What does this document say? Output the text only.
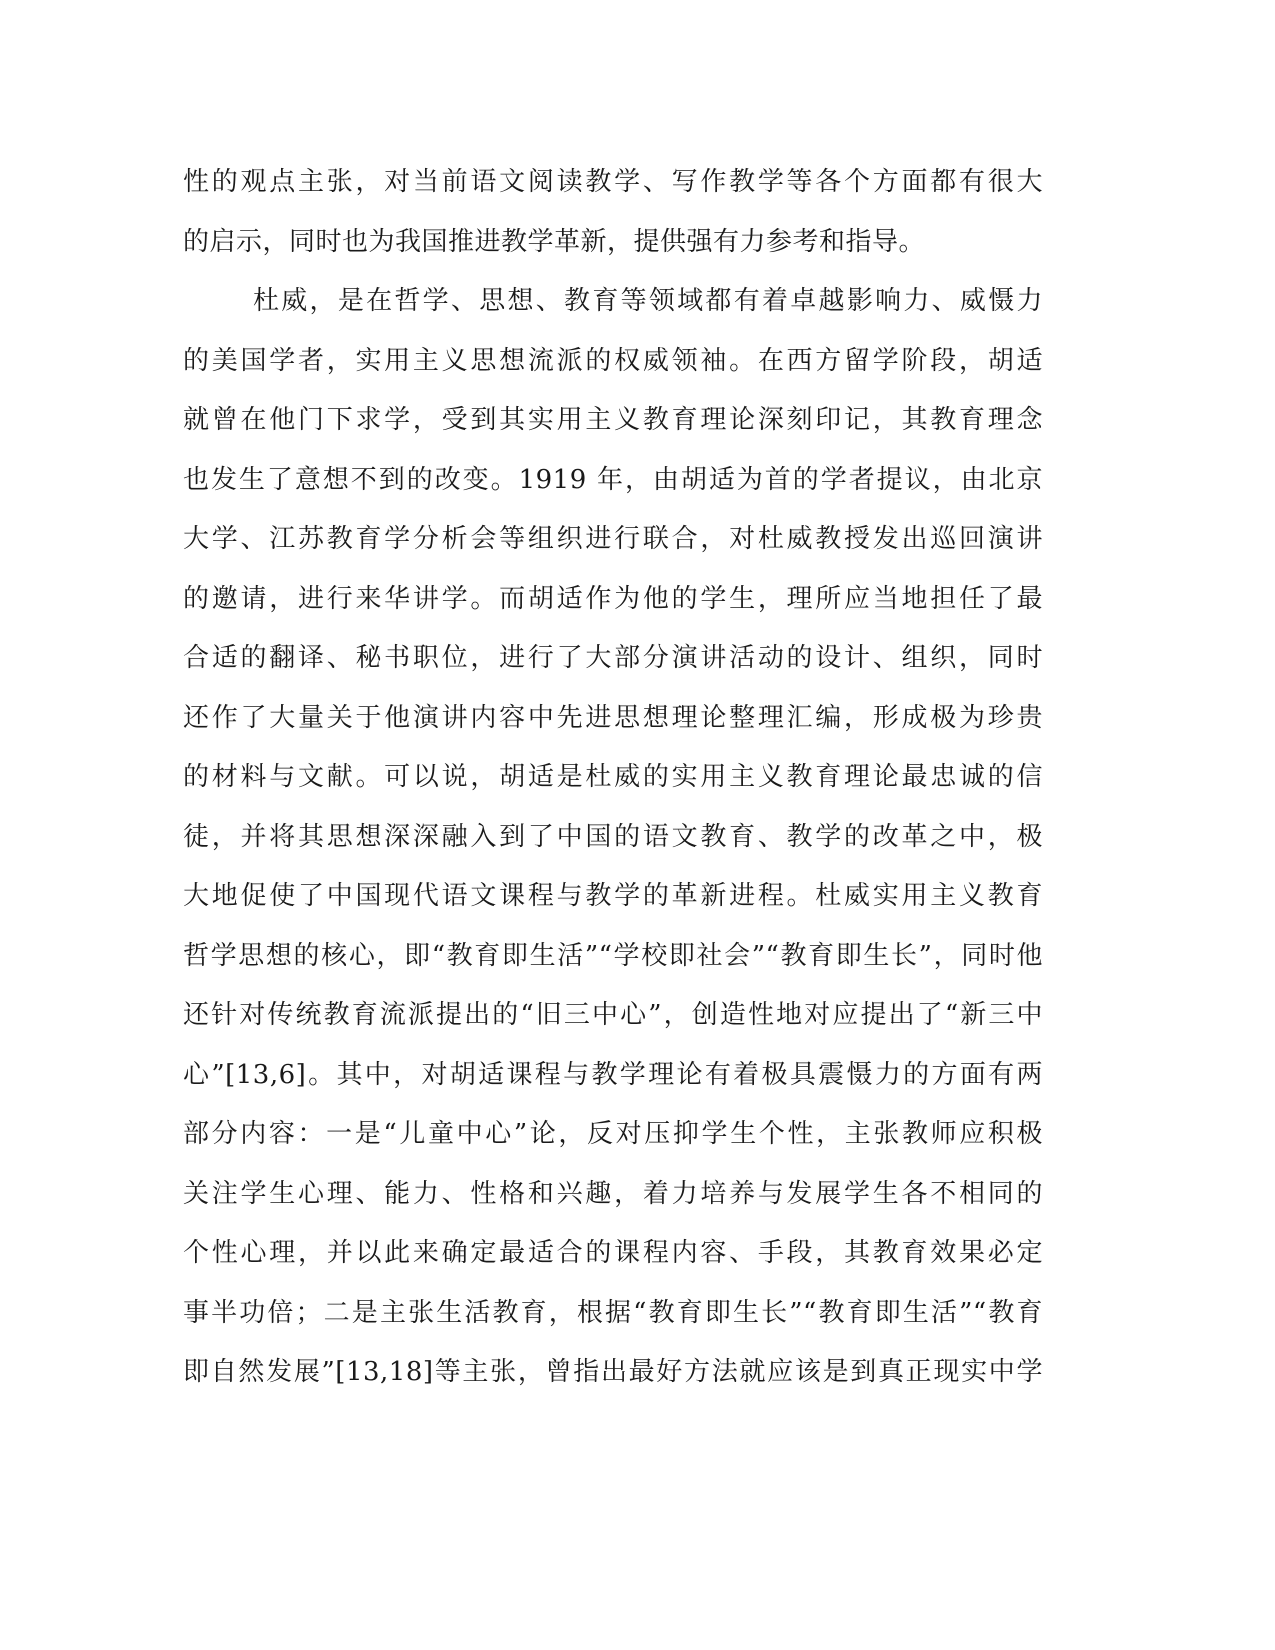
性的观点主张，对当前语文阅读教学、写作教学等各个方面都有很大
的启示，同时也为我国推进教学革新，提供强有力参考和指导。
杜威，是在哲学、思想、教育等领域都有着卓越影响力、威慑力
的美国学者，实用主义思想流派的权威领袖。在西方留学阶段，胡适
就曾在他门下求学，受到其实用主义教育理论深刻印记，其教育理念
也发生了意想不到的改变。1919 年，由胡适为首的学者提议，由北京
大学、江苏教育学分析会等组织进行联合，对杜威教授发出巡回演讲
的邀请，进行来华讲学。而胡适作为他的学生，理所应当地担任了最
合适的翻译、秘书职位，进行了大部分演讲活动的设计、组织，同时
还作了大量关于他演讲内容中先进思想理论整理汇编，形成极为珍贵
的材料与文献。可以说，胡适是杜威的实用主义教育理论最忠诚的信
徒，并将其思想深深融入到了中国的语文教育、教学的改革之中，极
大地促使了中国现代语文课程与教学的革新进程。杜威实用主义教育
哲学思想的核心，即“教育即生活”“学校即社会”“教育即生长”，同时他
还针对传统教育流派提出的“旧三中心”，创造性地对应提出了“新三中
心”[13,6]。其中，对胡适课程与教学理论有着极具震慑力的方面有两
部分内容：一是“儿童中心”论，反对压抑学生个性，主张教师应积极
关注学生心理、能力、性格和兴趣，着力培养与发展学生各不相同的
个性心理，并以此来确定最适合的课程内容、手段，其教育效果必定
事半功倍；二是主张生活教育，根据“教育即生长”“教育即生活”“教育
即自然发展”[13,18]等主张，曾指出最好方法就应该是到真正现实中学
